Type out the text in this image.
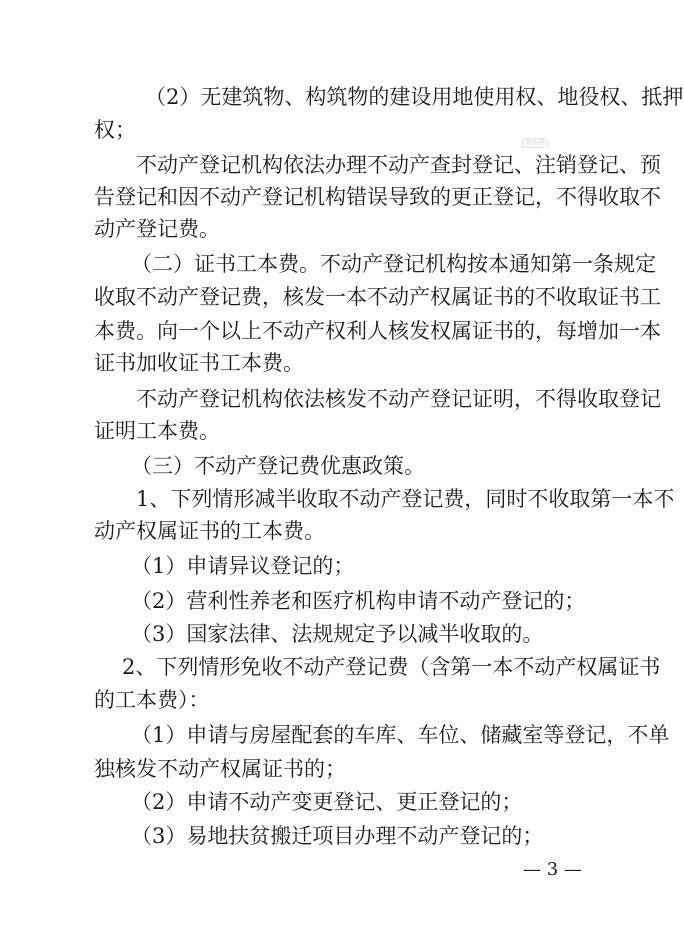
（2）无建筑物、构筑物的建设用地使用权、地役权、抵押

权；

不动产登记机构依法办理不动产查封登记、注销登记、预

告登记和因不动产登记机构错误导致的更正登记，不得收取不

动产登记费。

（二）证书工本费。不动产登记机构按本通知第一条规定

收取不动产登记费，核发一本不动产权属证书的不收取证书工

本费。向一个以上不动产权利人核发权属证书的，每增加一本

证书加收证书工本费。

不动产登记机构依法核发不动产登记证明，不得收取登记

证明工本费。

（三）不动产登记费优惠政策。

1、下列情形减半收取不动产登记费，同时不收取第一本不

动产权属证书的工本费。

（1）申请异议登记的；

（2）营利性养老和医疗机构申请不动产登记的；

（3）国家法律、法规规定予以减半收取的。

2、下列情形免收不动产登记费（含第一本不动产权属证书

的工本费）：

（1）申请与房屋配套的车库、车位、储藏室等登记，不单

独核发不动产权属证书的；

（2）申请不动产变更登记、更正登记的；

（3）易地扶贫搬迁项目办理不动产登记的；

易车网
— 3 —
